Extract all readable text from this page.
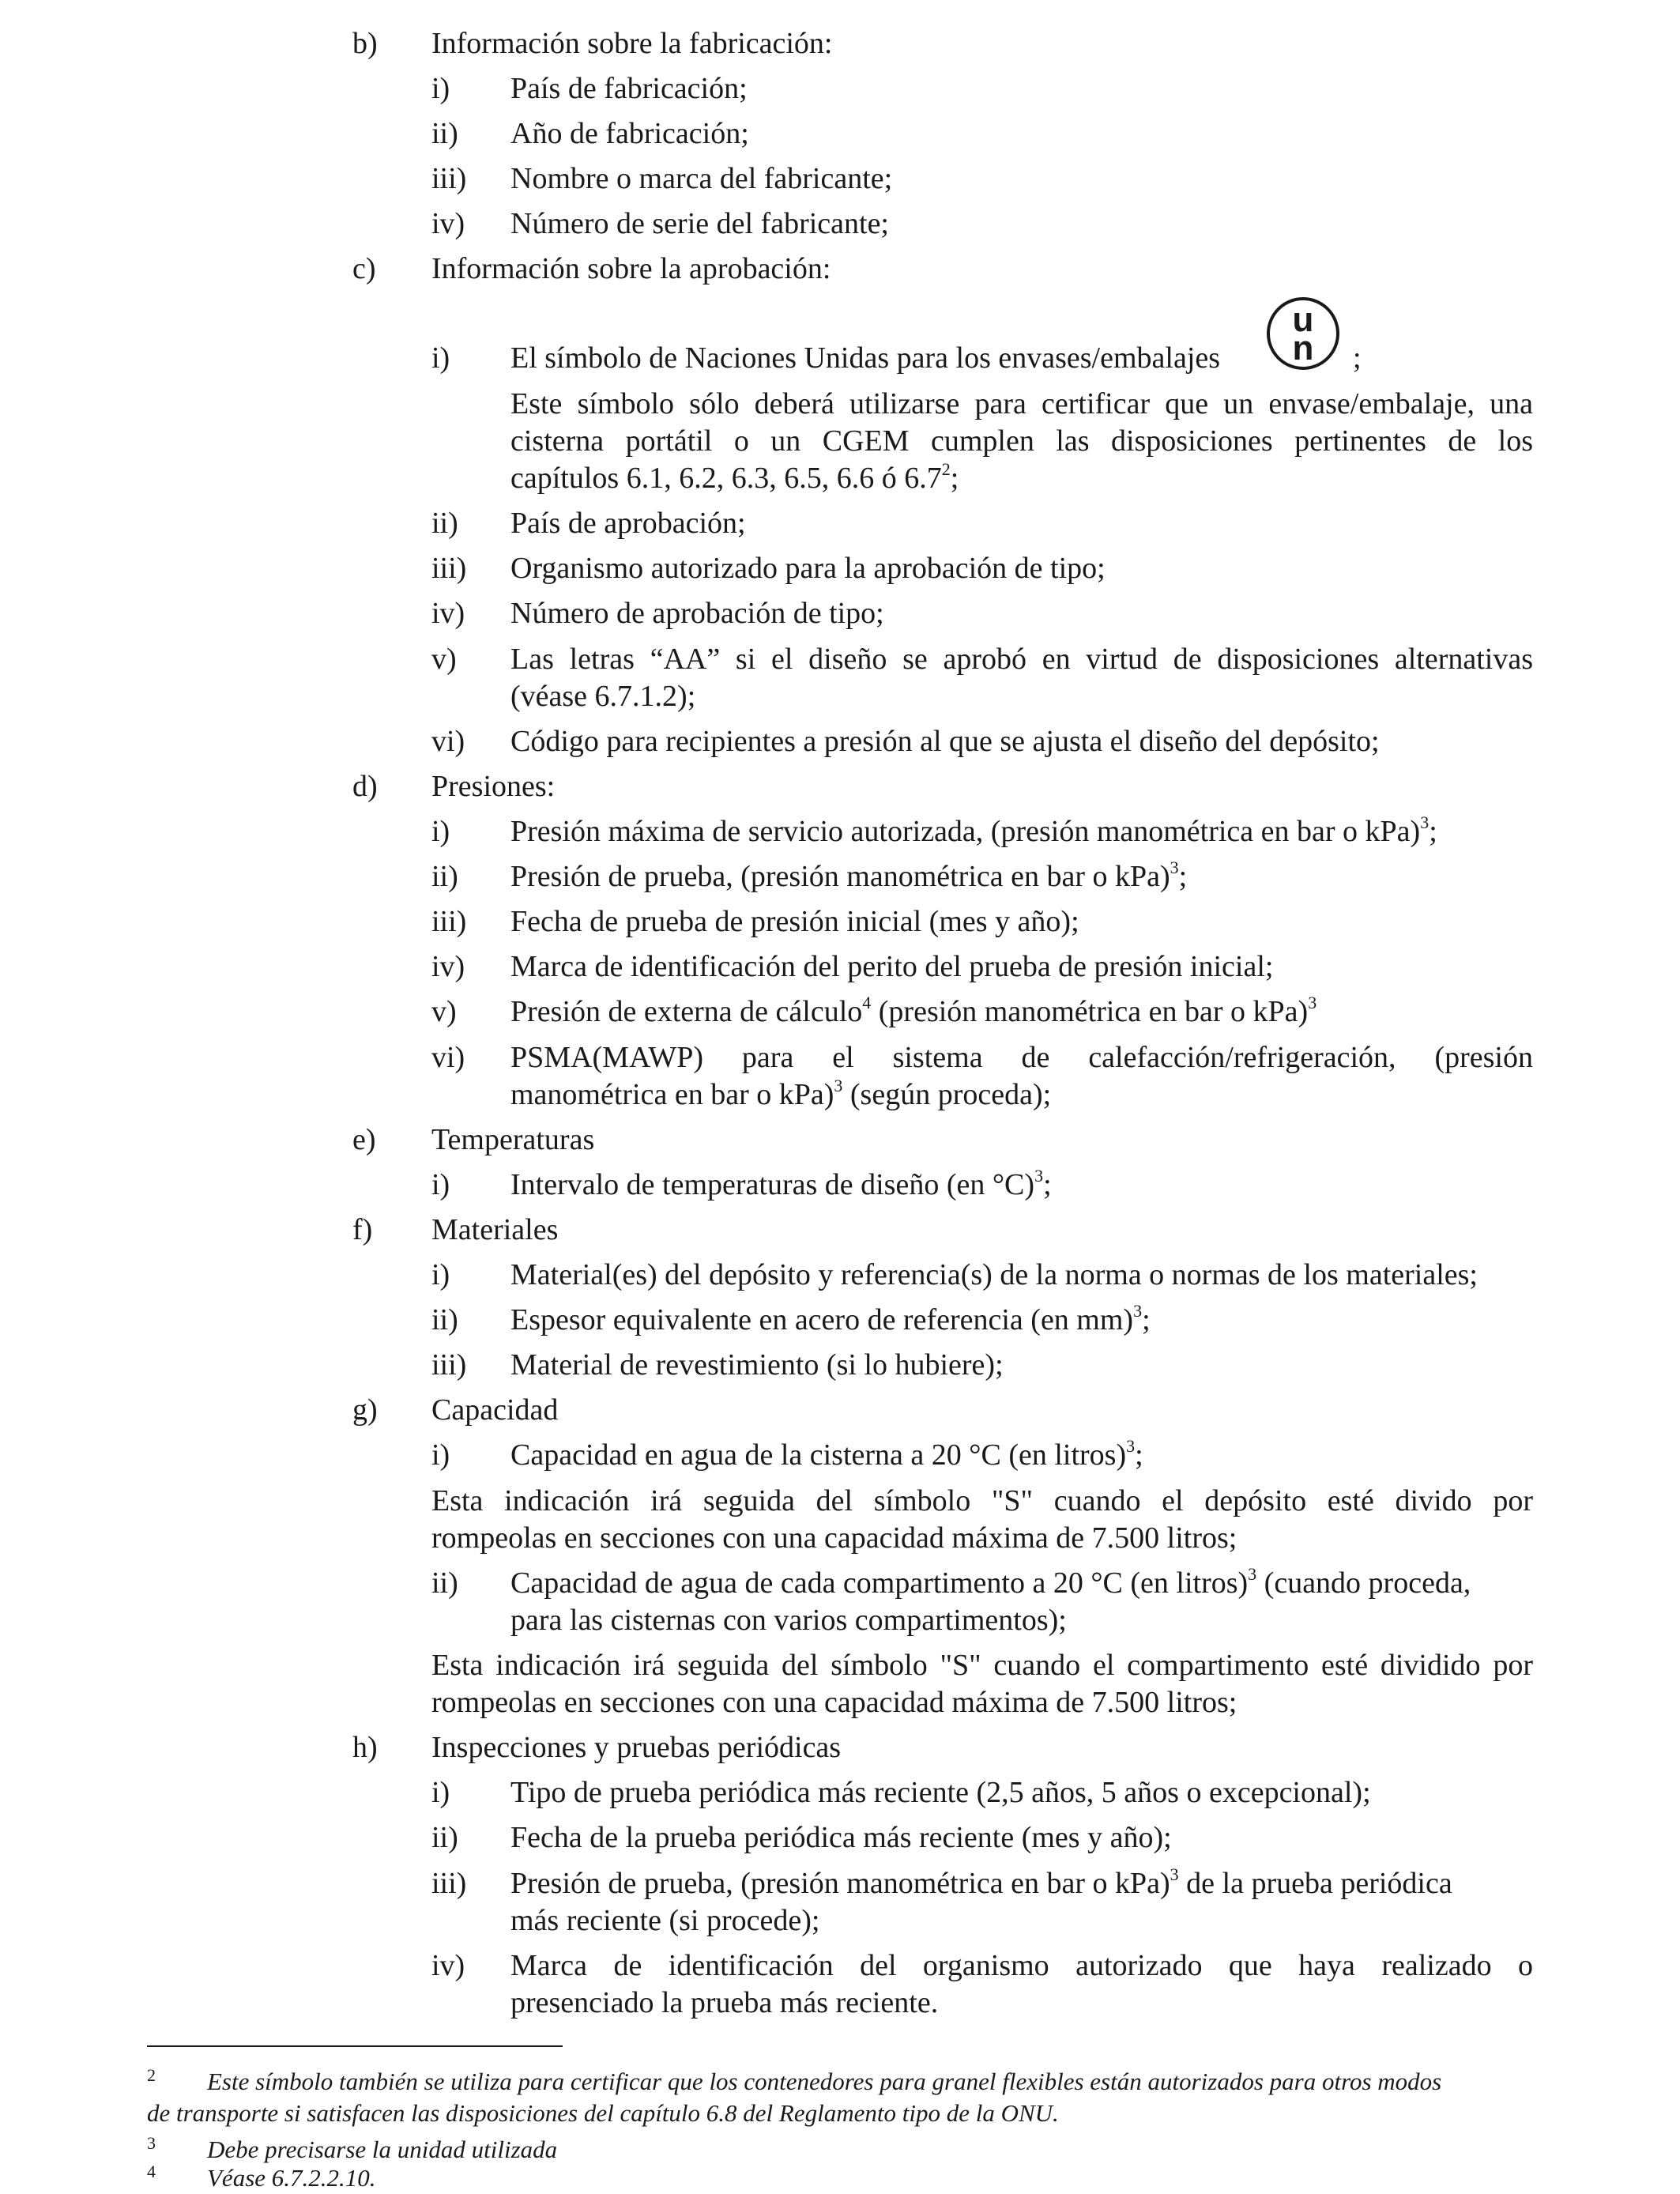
b) Información sobre la fabricación:
i) País de fabricación;
ii) Año de fabricación;
iii) Nombre o marca del fabricante;
iv) Número de serie del fabricante;
c) Información sobre la aprobación:
i) El símbolo de Naciones Unidas para los envases/embalajes	;
u
n
Este símbolo sólo deberá utilizarse para certificar que un envase/embalaje, una
cisterna portátil o un CGEM cumplen las disposiciones pertinentes de los
capítulos 6.1, 6.2, 6.3, 6.5, 6.6 ó $6.7^2$;
ii) País de aprobación;
iii) Organismo autorizado para la aprobación de tipo;
iv) Número de aprobación de tipo;
v) Las letras “AA” si el diseño se aprobó en virtud de disposiciones alternativas
(véase 6.7.1.2);
vi) Código para recipientes a presión al que se ajusta el diseño del depósito;
d) Presiones:
i) Presión máxima de servicio autorizada, (presión manométrica en bar o kPa)$^3$;
ii) Presión de prueba, (presión manométrica en bar o kPa)$^3$;
iii) Fecha de prueba de presión inicial (mes y año);
iv) Marca de identificación del perito del prueba de presión inicial;
v) Presión de externa de cálculo$^4$ (presión manométrica en bar o kPa)$^3$
vi) PSMA(MAWP) para el sistema de calefacción/refrigeración, (presión
manométrica en bar o kPa)$^3$ (según proceda);
e) Temperaturas
i) Intervalo de temperaturas de diseño (en °C)$^3$;
f) Materiales
i) Material(es) del depósito y referencia(s) de la norma o normas de los materiales;
ii) Espesor equivalente en acero de referencia (en mm)$^3$;
iii) Material de revestimiento (si lo hubiere);
g) Capacidad
i) Capacidad en agua de la cisterna a 20 °C (en litros)$^3$;
Esta indicación irá seguida del símbolo "S" cuando el depósito esté divido por
rompeolas en secciones con una capacidad máxima de 7.500 litros;
ii) Capacidad de agua de cada compartimento a 20 °C (en litros)$^3$ (cuando proceda,
para las cisternas con varios compartimentos);
Esta indicación irá seguida del símbolo "S" cuando el compartimento esté dividido por
rompeolas en secciones con una capacidad máxima de 7.500 litros;
h) Inspecciones y pruebas periódicas
i) Tipo de prueba periódica más reciente (2,5 años, 5 años o excepcional);
ii) Fecha de la prueba periódica más reciente (mes y año);
iii) Presión de prueba, (presión manométrica en bar o kPa)$^3$ de la prueba periódica
más reciente (si procede);
iv) Marca de identificación del organismo autorizado que haya realizado o
presenciado la prueba más reciente.
2 Este símbolo también se utiliza para certificar que los contenedores para granel flexibles están autorizados para otros modos
de transporte si satisfacen las disposiciones del capítulo 6.8 del Reglamento tipo de la ONU.
3 Debe precisarse la unidad utilizada
4 Véase 6.7.2.2.10.
